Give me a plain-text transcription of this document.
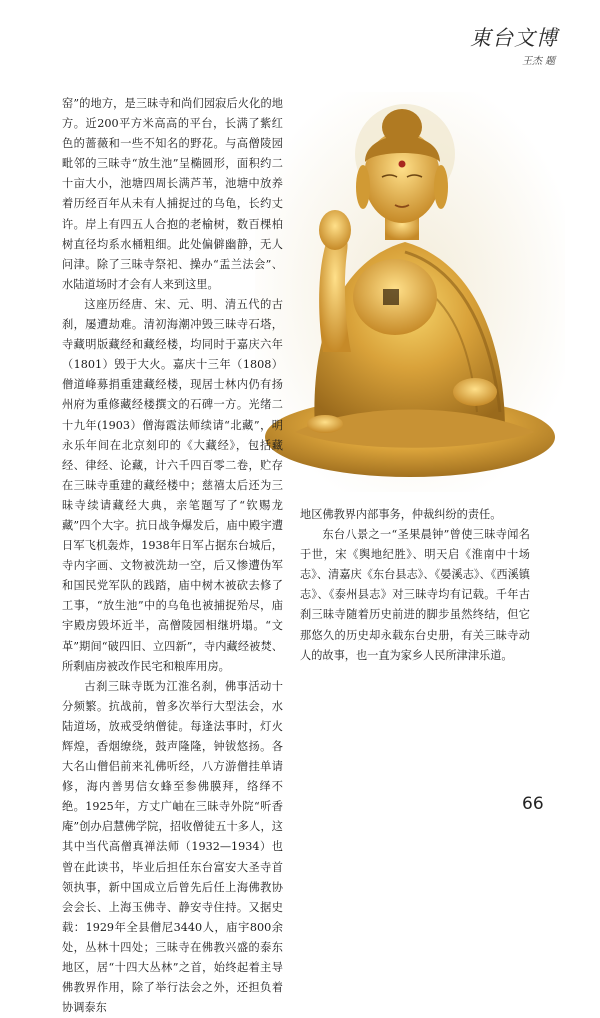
東台文博
王杰 题

窑”的地方，是三昧寺和尚们园寂后火化的地方。近200平方米高高的平台，长满了紫红色的蔷薇和一些不知名的野花。与高僧陵园毗邻的三昧寺“放生池”呈椭圆形，面积约二十亩大小，池塘四周长满芦苇，池塘中放养着历经百年从未有人捕捉过的乌龟，长约丈许。岸上有四五人合抱的老榆树，数百棵柏树直径均系水桶粗细。此处偏僻幽静，无人问津。除了三昧寺祭祀、操办“盂兰法会”、水陆道场时才会有人来到这里。

这座历经唐、宋、元、明、清五代的古刹，屡遭劫难。清初海潮冲毁三昧寺石塔，寺藏明版藏经和藏经楼，均同时于嘉庆六年（1801）毁于大火。嘉庆十三年（1808）僧道峰募捐重建藏经楼，现居士林内仍有扬州府为重修藏经楼撰文的石碑一方。光绪二十九年(1903）僧海霞法师续请“北藏”，明永乐年间在北京刻印的《大藏经》，包括藏经、律经、论藏，计六千四百零二卷，贮存在三昧寺重建的藏经楼中；慈禧太后还为三昧寺续请藏经大典，亲笔题写了“钦赐龙藏”四个大字。抗日战争爆发后，庙中殿宇遭日军飞机轰炸，1938年日军占据东台城后，寺内字画、文物被洗劫一空，后又惨遭伪军和国民党军队的践踏，庙中树木被砍去修了工事，“放生池”中的乌龟也被捕捉殆尽，庙宇殿房毁坏近半，高僧陵园相继坍塌。“文革”期间“破四旧、立四新”，寺内藏经被焚、所剩庙房被改作民宅和粮库用房。

古刹三昧寺既为江淮名刹，佛事活动十分频繁。抗战前，曾多次举行大型法会，水陆道场，放戒受纳僧徒。每逢法事时，灯火辉煌，香烟缭绕，鼓声隆隆，钟钹悠扬。各大名山僧侣前来礼佛听经，八方游僧挂单请修，海内善男信女蜂至参佛膜拜，络绎不绝。1925年，方丈广岫在三昧寺外院“听香庵”创办启慧佛学院，招收僧徒五十多人，这其中当代高僧真禅法师（1932—1934）也曾在此读书，毕业后担任东台富安大圣寺首领执事，新中国成立后曾先后任上海佛教协会会长、上海玉佛寺、静安寺住持。又据史载：1929年全县僧尼3440人，庙宇800余处，丛林十四处；三昧寺在佛教兴盛的泰东地区，居“十四大丛林”之首，始终起着主导佛教界作用，除了举行法会之外，还担负着协调泰东

地区佛教界内部事务，仲裁纠纷的责任。

东台八景之一“圣果晨钟”曾使三昧寺闻名于世，宋《舆地纪胜》、明天启《淮南中十场志》、清嘉庆《东台县志》、《晏溪志》、《西溪镇志》、《泰州县志》对三昧寺均有记载。千年古刹三昧寺随着历史前进的脚步虽然终结，但它那悠久的历史却永载东台史册，有关三昧寺动人的故事，也一直为家乡人民所津津乐道。

66
